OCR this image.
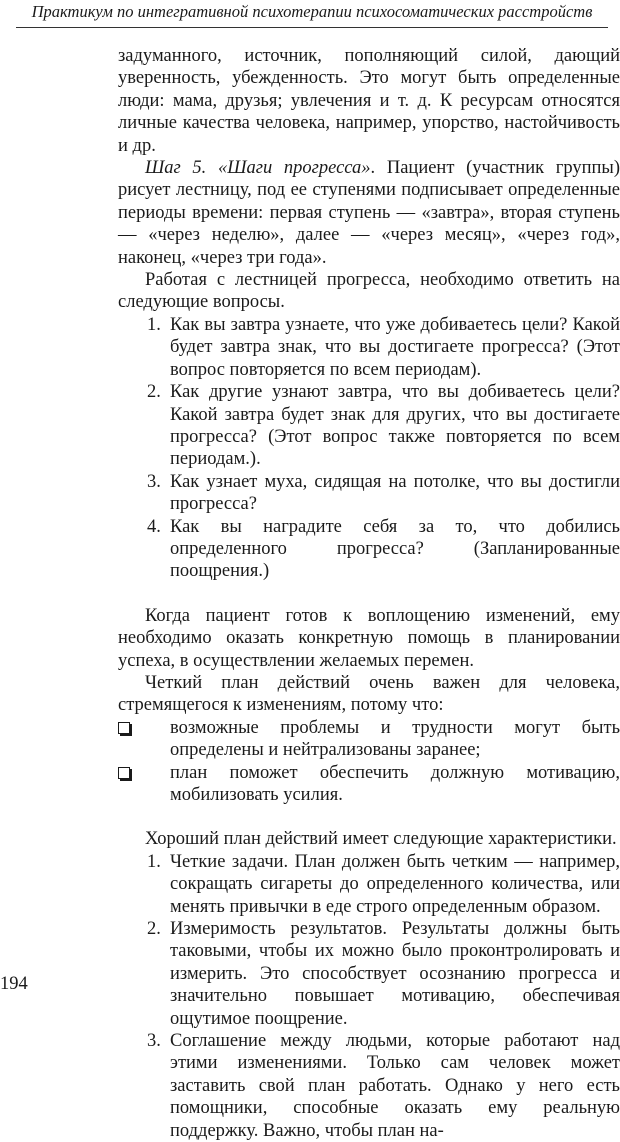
Практикум по интегративной психотерапии психосоматических расстройств

задуманного, источник, пополняющий силой, дающий уверенность, убежденность. Это могут быть определенные люди: мама, друзья; увлечения и т. д. К ресурсам относятся личные качества человека, например, упорство, настойчивость и др.

Шаг 5. «Шаги прогресса». Пациент (участник группы) рисует лестницу, под ее ступенями подписывает определенные периоды времени: первая ступень — «завтра», вторая ступень — «через неделю», далее — «через месяц», «через год», наконец, «через три года».

Работая с лестницей прогресса, необходимо ответить на следующие вопросы.

1. Как вы завтра узнаете, что уже добиваетесь цели? Какой будет завтра знак, что вы достигаете прогресса? (Этот вопрос повторяется по всем периодам).
2. Как другие узнают завтра, что вы добиваетесь цели? Какой завтра будет знак для других, что вы достигаете прогресса? (Этот вопрос также повторяется по всем периодам.).
3. Как узнает муха, сидящая на потолке, что вы достигли прогресса?
4. Как вы наградите себя за то, что добились определенного прогресса? (Запланированные поощрения.)

Когда пациент готов к воплощению изменений, ему необходимо оказать конкретную помощь в планировании успеха, в осуществлении желаемых перемен.

Четкий план действий очень важен для человека, стремящегося к изменениям, потому что:

возможные проблемы и трудности могут быть определены и нейтрализованы заранее;
план поможет обеспечить должную мотивацию, мобилизовать усилия.

Хороший план действий имеет следующие характеристики.

1. Четкие задачи. План должен быть четким — например, сокращать сигареты до определенного количества, или менять привычки в еде строго определенным образом.
2. Измеримость результатов. Результаты должны быть таковыми, чтобы их можно было проконтролировать и измерить. Это способствует осознанию прогресса и значительно повышает мотивацию, обеспечивая ощутимое поощрение.
3. Соглашение между людьми, которые работают над этими изменениями. Только сам человек может заставить свой план работать. Однако у него есть помощники, способные оказать ему реальную поддержку. Важно, чтобы план на-
194
